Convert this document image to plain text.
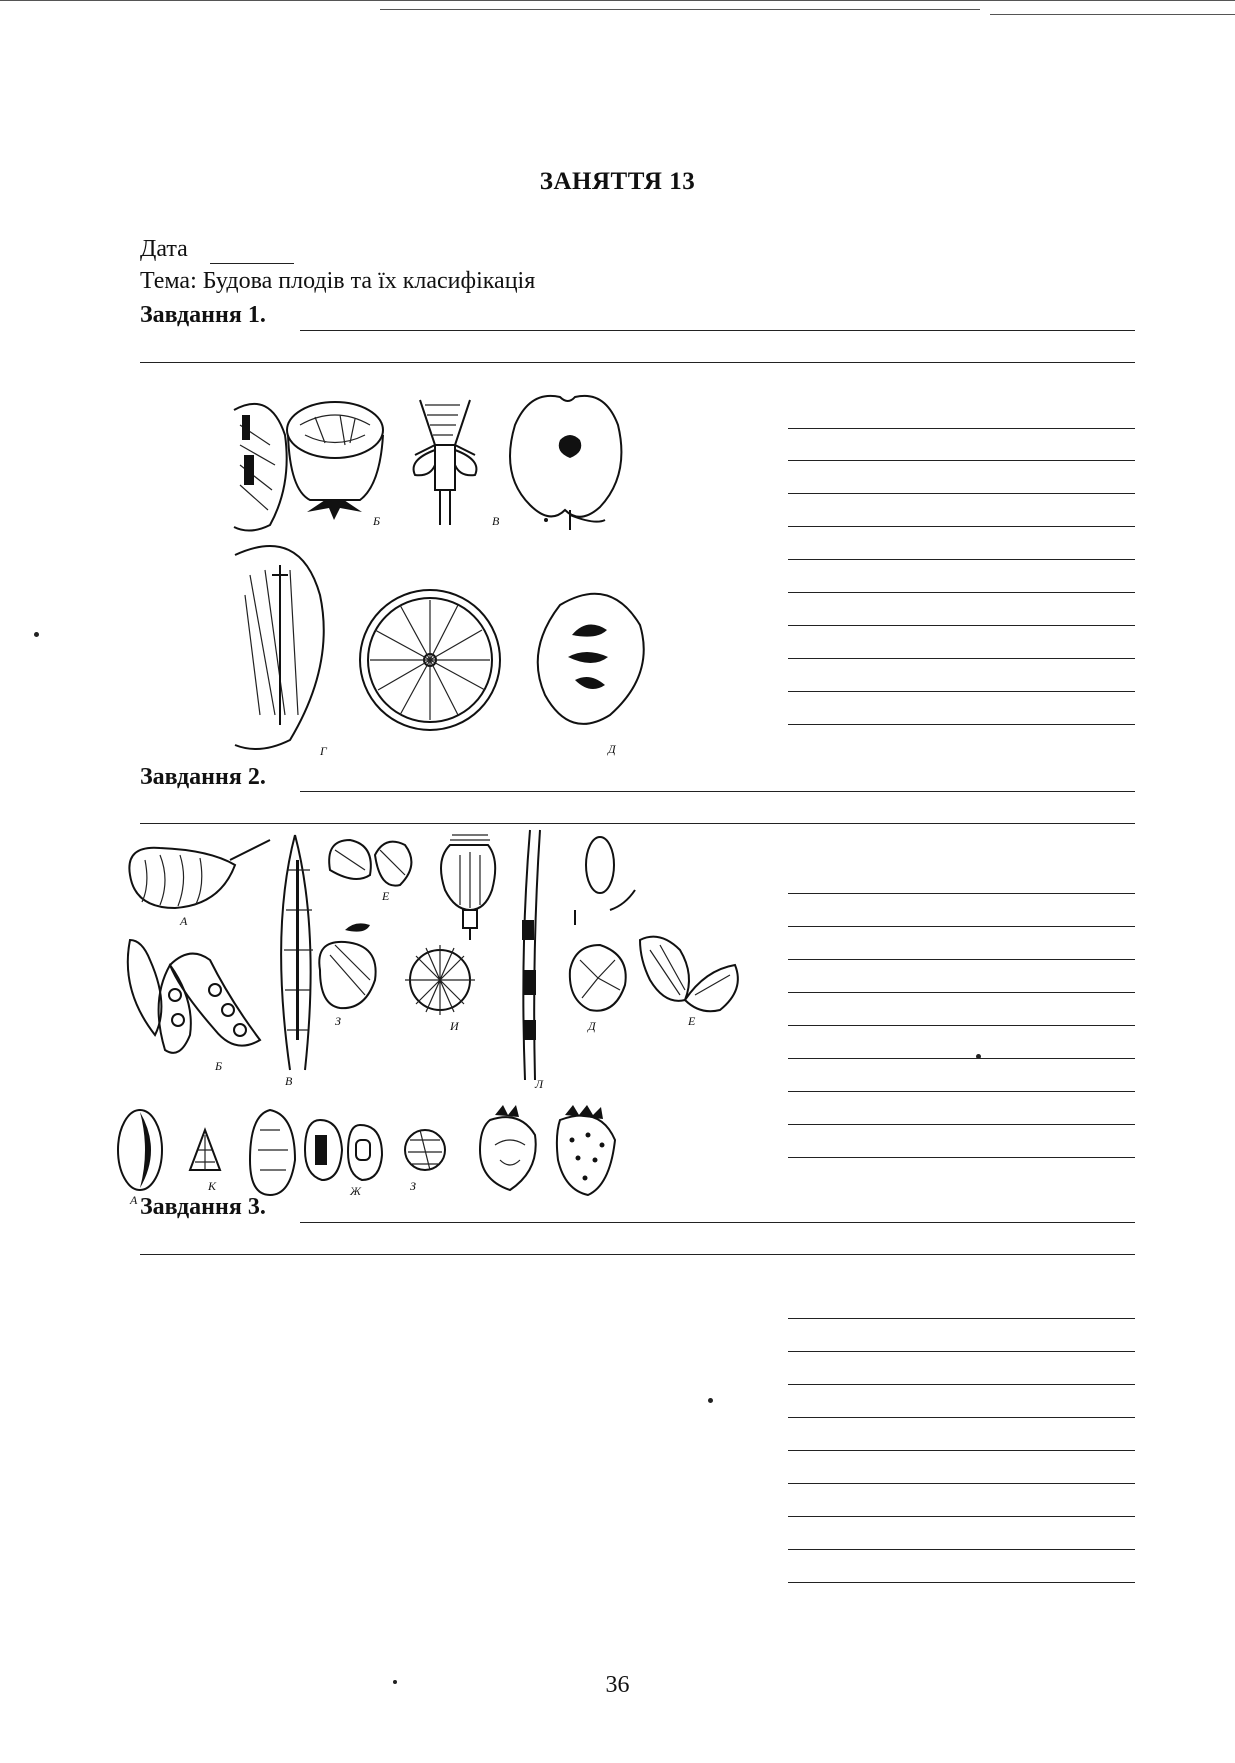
ЗАНЯТТЯ 13
Дата
Тема: Будова плодів та їх класифікація
Завдання 1.
Б	В
Г	Д
Завдання 2.
А
Б
В
Е
Л
З	И	Д	Е
А
К	Ж	З
Завдання 3.
36
